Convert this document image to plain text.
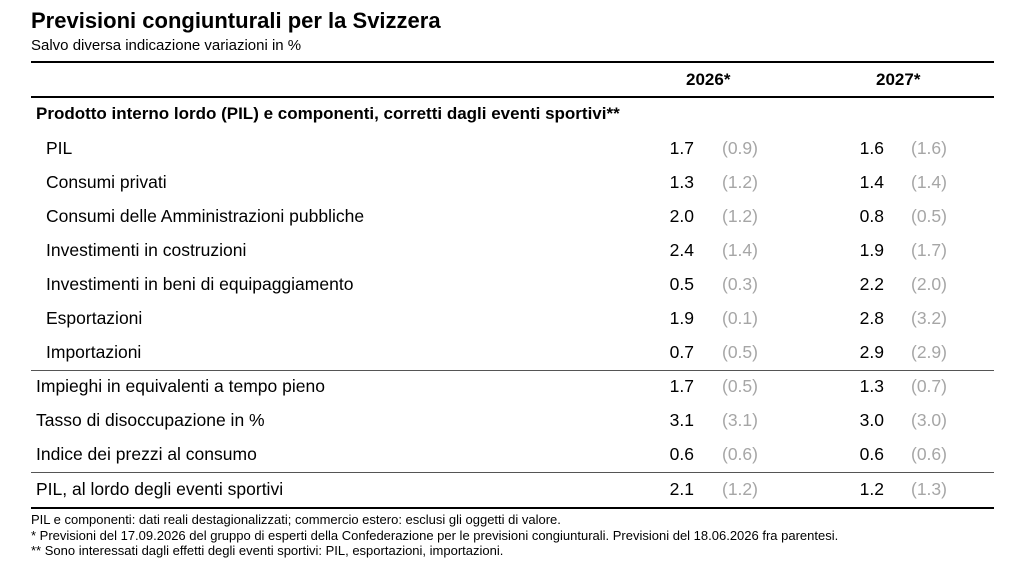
Previsioni congiunturali per la Svizzera
Salvo diversa indicazione variazioni in %
2026*	2027*
Prodotto interno lordo (PIL) e componenti, corretti dagli eventi sportivi**
PIL	1.7 (0.9)	1.6 (1.6)
Consumi privati	1.3 (1.2)	1.4 (1.4)
Consumi delle Amministrazioni pubbliche	2.0 (1.2)	0.8 (0.5)
Investimenti in costruzioni	2.4 (1.4)	1.9 (1.7)
Investimenti in beni di equipaggiamento	0.5 (0.3)	2.2 (2.0)
Esportazioni	1.9 (0.1)	2.8 (3.2)
Importazioni	0.7 (0.5)	2.9 (2.9)
Impieghi in equivalenti a tempo pieno	1.7 (0.5)	1.3 (0.7)
Tasso di disoccupazione in %	3.1 (3.1)	3.0 (3.0)
Indice dei prezzi al consumo	0.6 (0.6)	0.6 (0.6)
PIL, al lordo degli eventi sportivi	2.1 (1.2)	1.2 (1.3)
PIL e componenti: dati reali destagionalizzati; commercio estero: esclusi gli oggetti di valore.
* Previsioni del 17.09.2026 del gruppo di esperti della Confederazione per le previsioni congiunturali. Previsioni del 18.06.2026 fra parentesi.
** Sono interessati dagli effetti degli eventi sportivi: PIL, esportazioni, importazioni.
